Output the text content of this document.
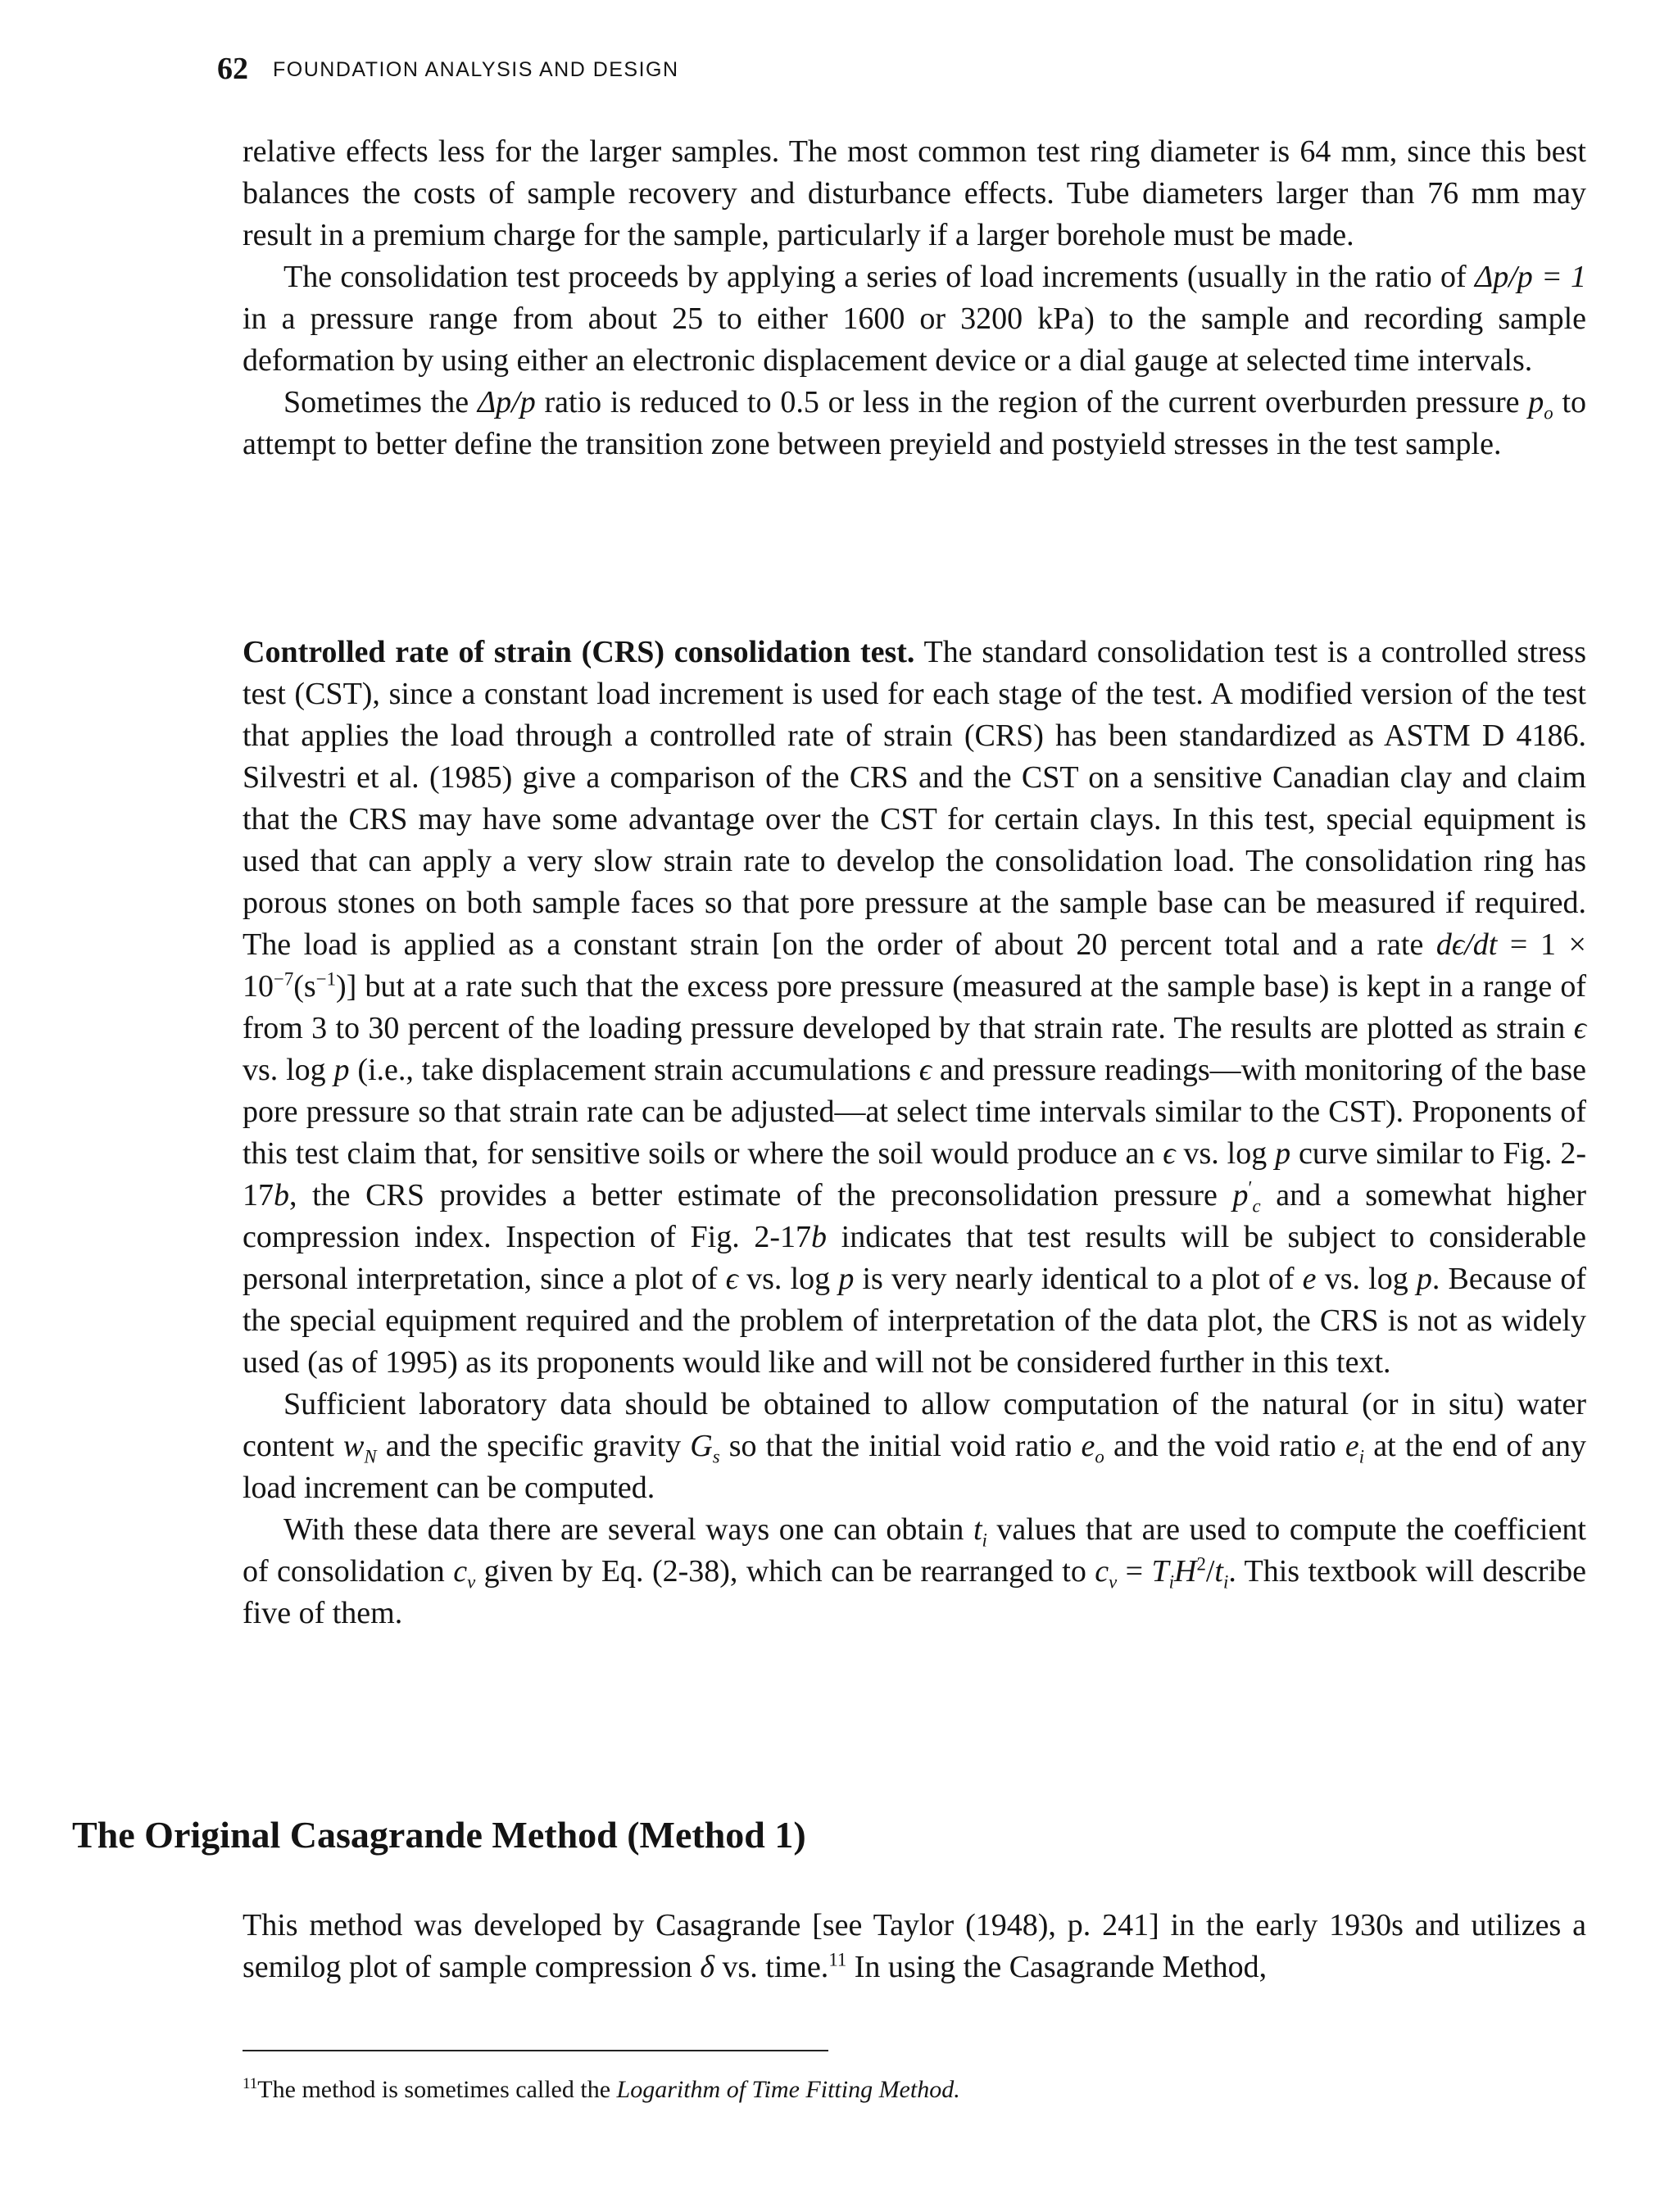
62 FOUNDATION ANALYSIS AND DESIGN

relative effects less for the larger samples. The most common test ring diameter is 64 mm, since this best balances the costs of sample recovery and disturbance effects. Tube diameters larger than 76 mm may result in a premium charge for the sample, particularly if a larger borehole must be made.

The consolidation test proceeds by applying a series of load increments (usually in the ratio of Δp/p = 1 in a pressure range from about 25 to either 1600 or 3200 kPa) to the sample and recording sample deformation by using either an electronic displacement device or a dial gauge at selected time intervals.

Sometimes the Δp/p ratio is reduced to 0.5 or less in the region of the current overburden pressure $p_o$ to attempt to better define the transition zone between preyield and postyield stresses in the test sample.

Controlled rate of strain (CRS) consolidation test. The standard consolidation test is a controlled stress test (CST), since a constant load increment is used for each stage of the test. A modified version of the test that applies the load through a controlled rate of strain (CRS) has been standardized as ASTM D 4186. Silvestri et al. (1985) give a comparison of the CRS and the CST on a sensitive Canadian clay and claim that the CRS may have some advantage over the CST for certain clays. In this test, special equipment is used that can apply a very slow strain rate to develop the consolidation load. The consolidation ring has porous stones on both sample faces so that pore pressure at the sample base can be measured if required. The load is applied as a constant strain [on the order of about 20 percent total and a rate $d\epsilon/dt = 1 \times 10^{-7}(s^{-1})$] but at a rate such that the excess pore pressure (measured at the sample base) is kept in a range of from 3 to 30 percent of the loading pressure developed by that strain rate. The results are plotted as strain ϵ vs. log p (i.e., take displacement strain accumulations ϵ and pressure readings—with monitoring of the base pore pressure so that strain rate can be adjusted—at select time intervals similar to the CST). Proponents of this test claim that, for sensitive soils or where the soil would produce an ϵ vs. log p curve similar to Fig. 2-17b, the CRS provides a better estimate of the preconsolidation pressure $p'_c$ and a somewhat higher compression index. Inspection of Fig. 2-17b indicates that test results will be subject to considerable personal interpretation, since a plot of ϵ vs. log p is very nearly identical to a plot of e vs. log p. Because of the special equipment required and the problem of interpretation of the data plot, the CRS is not as widely used (as of 1995) as its proponents would like and will not be considered further in this text.

Sufficient laboratory data should be obtained to allow computation of the natural (or in situ) water content $w_N$ and the specific gravity $G_s$ so that the initial void ratio $e_o$ and the void ratio $e_i$ at the end of any load increment can be computed.

With these data there are several ways one can obtain $t_i$ values that are used to compute the coefficient of consolidation $c_v$ given by Eq. (2-38), which can be rearranged to $c_v = T_iH^2/t_i$. This textbook will describe five of them.

The Original Casagrande Method (Method 1)

This method was developed by Casagrande [see Taylor (1948), p. 241] in the early 1930s and utilizes a semilog plot of sample compression δ vs. time.$^{11}$ In using the Casagrande Method,

$^{11}$The method is sometimes called the Logarithm of Time Fitting Method.
